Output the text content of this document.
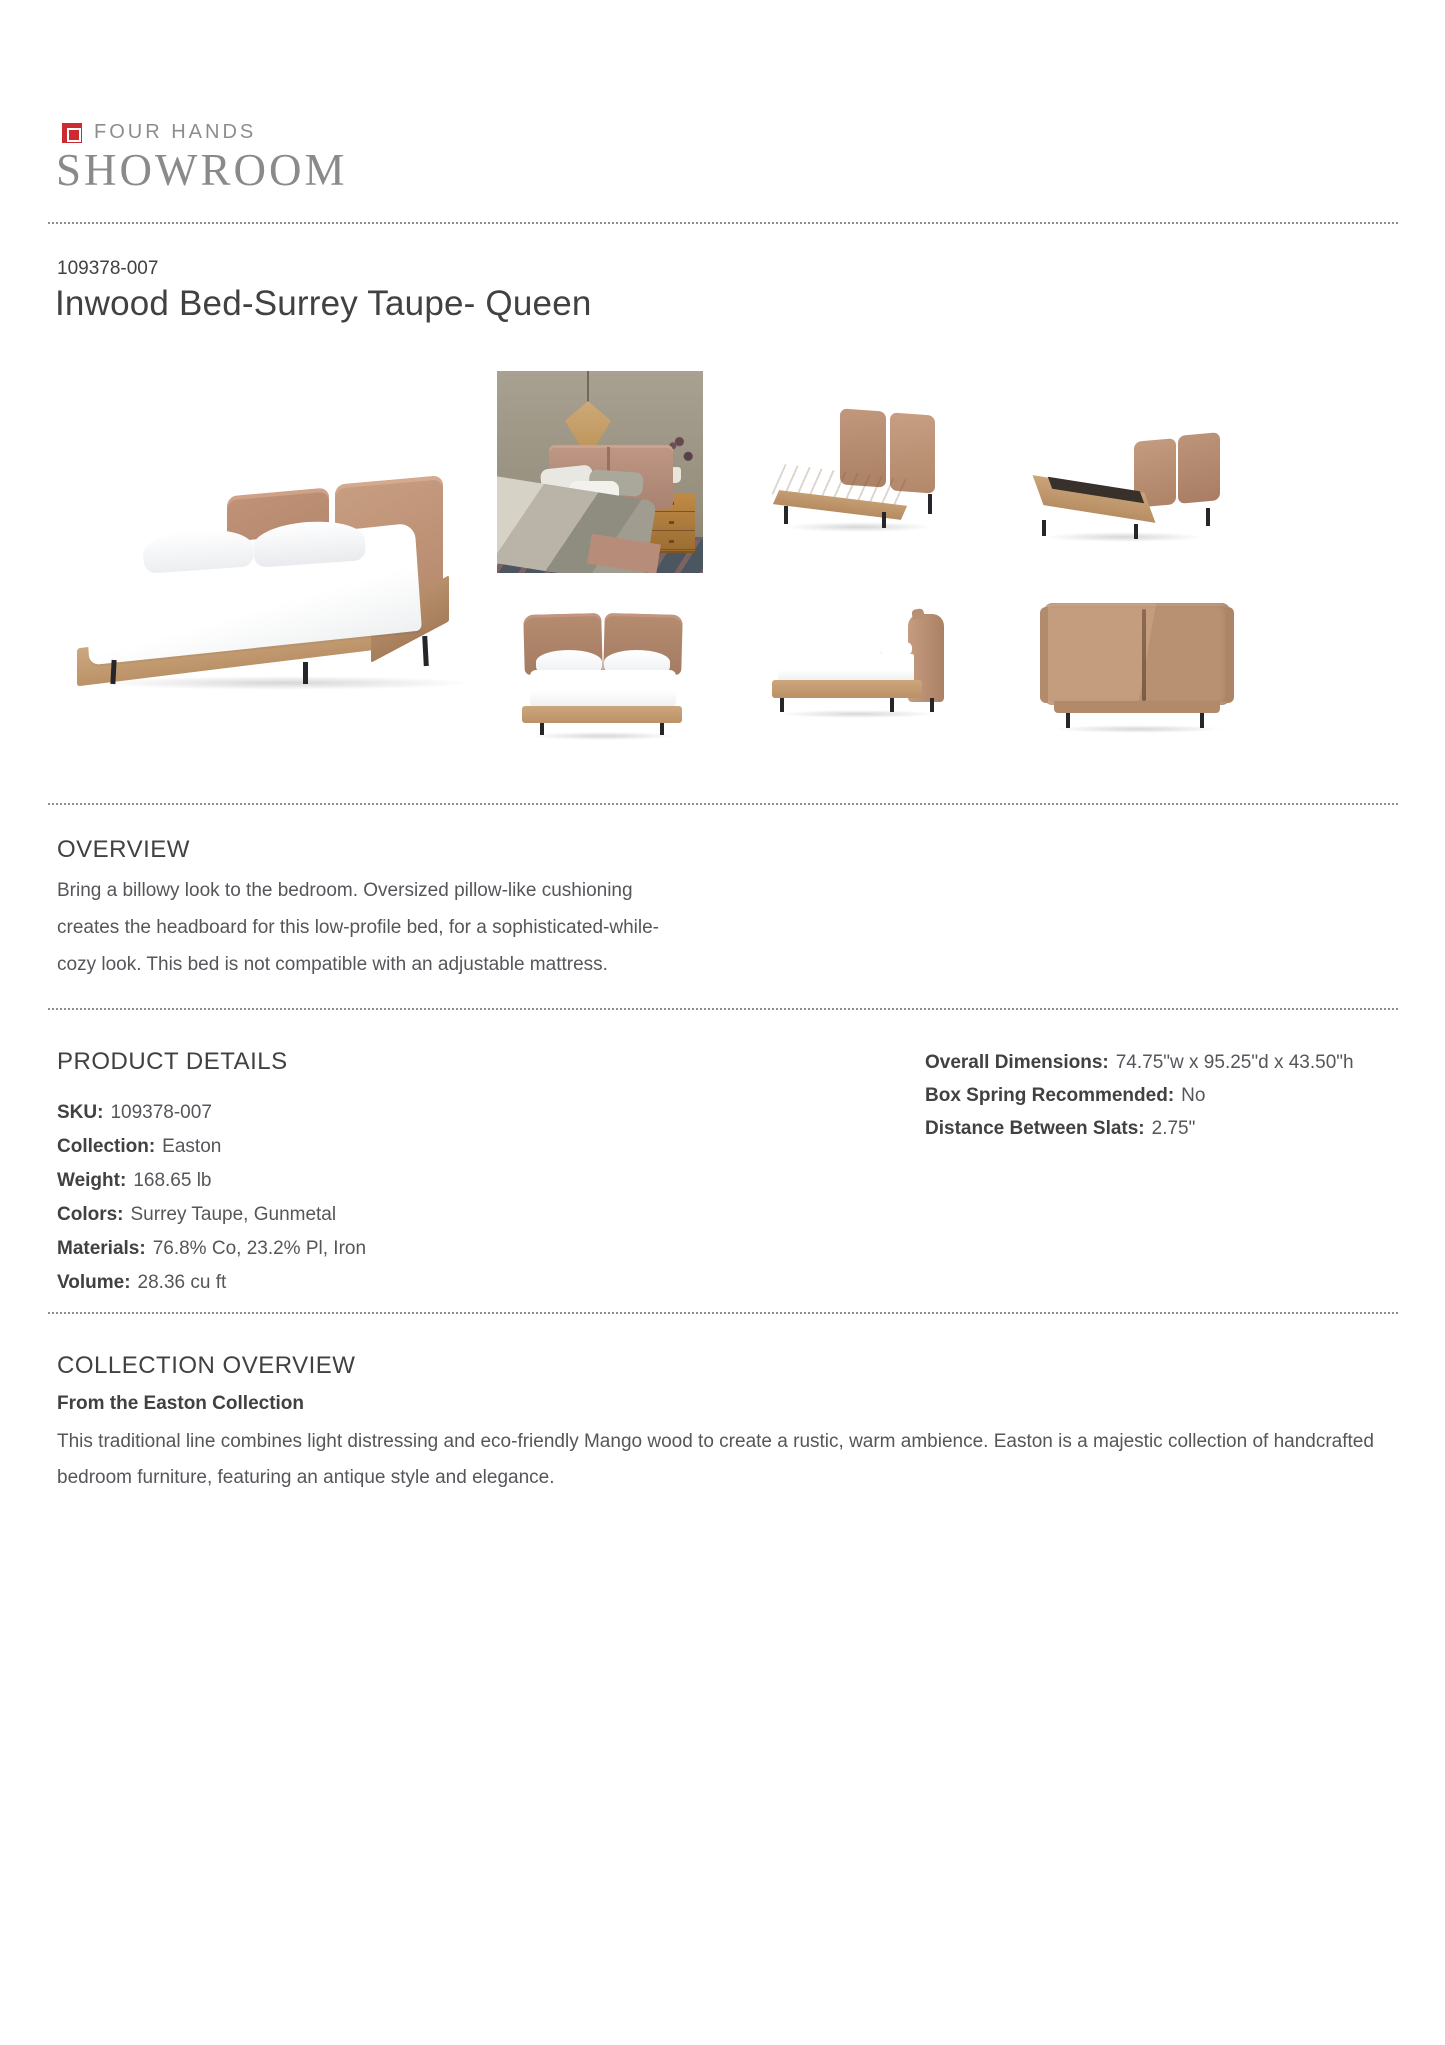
FOUR HANDS
SHOWROOM
109378-007
Inwood Bed-Surrey Taupe- Queen
OVERVIEW
Bring a billowy look to the bedroom. Oversized pillow-like cushioning creates the headboard for this low-profile bed, for a sophisticated-while-cozy look. This bed is not compatible with an adjustable mattress.
PRODUCT DETAILS
SKU: 109378-007
Collection: Easton
Weight: 168.65 lb
Colors: Surrey Taupe, Gunmetal
Materials: 76.8% Co, 23.2% Pl, Iron
Volume: 28.36 cu ft
Overall Dimensions: 74.75"w x 95.25"d x 43.50"h
Box Spring Recommended: No
Distance Between Slats: 2.75"
COLLECTION OVERVIEW
From the Easton Collection
This traditional line combines light distressing and eco-friendly Mango wood to create a rustic, warm ambience. Easton is a majestic collection of handcrafted bedroom furniture, featuring an antique style and elegance.
